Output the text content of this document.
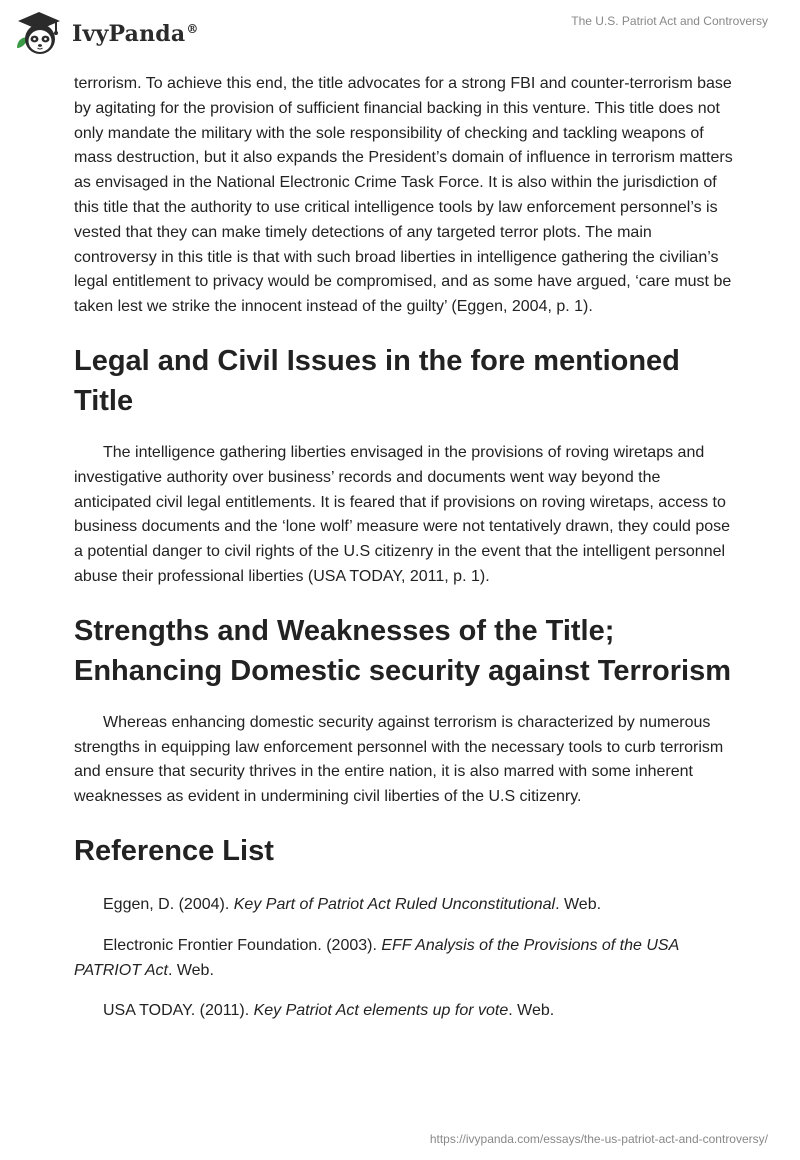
IvyPanda®
The U.S. Patriot Act and Controversy

terrorism. To achieve this end, the title advocates for a strong FBI and counter-terrorism base by agitating for the provision of sufficient financial backing in this venture. This title does not only mandate the military with the sole responsibility of checking and tackling weapons of mass destruction, but it also expands the President’s domain of influence in terrorism matters as envisaged in the National Electronic Crime Task Force. It is also within the jurisdiction of this title that the authority to use critical intelligence tools by law enforcement personnel’s is vested that they can make timely detections of any targeted terror plots. The main controversy in this title is that with such broad liberties in intelligence gathering the civilian’s legal entitlement to privacy would be compromised, and as some have argued, ‘care must be taken lest we strike the innocent instead of the guilty’ (Eggen, 2004, p. 1).

Legal and Civil Issues in the fore mentioned Title

The intelligence gathering liberties envisaged in the provisions of roving wiretaps and investigative authority over business’ records and documents went way beyond the anticipated civil legal entitlements. It is feared that if provisions on roving wiretaps, access to business documents and the ‘lone wolf’ measure were not tentatively drawn, they could pose a potential danger to civil rights of the U.S citizenry in the event that the intelligent personnel abuse their professional liberties (USA TODAY, 2011, p. 1).

Strengths and Weaknesses of the Title; Enhancing Domestic security against Terrorism

Whereas enhancing domestic security against terrorism is characterized by numerous strengths in equipping law enforcement personnel with the necessary tools to curb terrorism and ensure that security thrives in the entire nation, it is also marred with some inherent weaknesses as evident in undermining civil liberties of the U.S citizenry.

Reference List

Eggen, D. (2004). Key Part of Patriot Act Ruled Unconstitutional. Web.

Electronic Frontier Foundation. (2003). EFF Analysis of the Provisions of the USA PATRIOT Act. Web.

USA TODAY. (2011). Key Patriot Act elements up for vote. Web.

https://ivypanda.com/essays/the-us-patriot-act-and-controversy/
